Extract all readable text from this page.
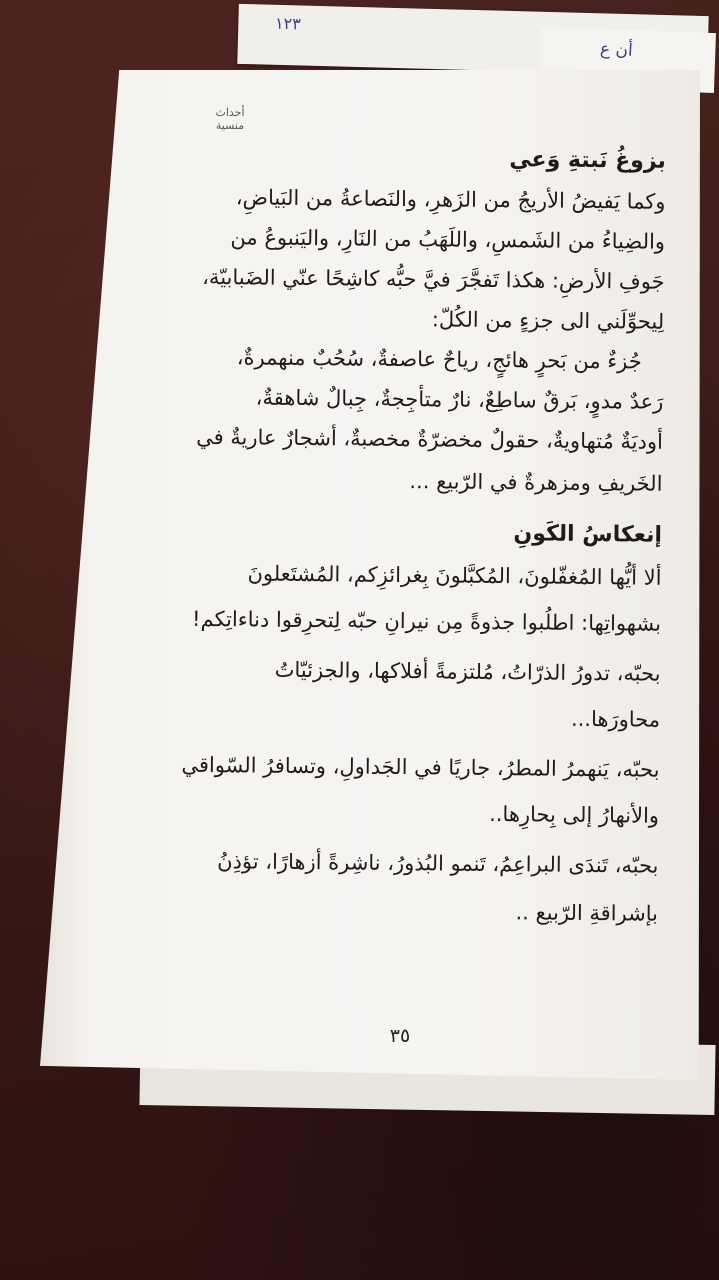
١٢٣
أن ع
أحداث منسية
بزوغُ نَبتةِ وَعي
وكما يَفيضُ الأريجُ من الزَهرِ، والنَصاعةُ من البَياضِ،
والضِياءُ من الشَمسِ، واللَهَبُ من النَارِ، واليَنبوعُ من
جَوفِ الأرضِ: هكذا تَفجَّرَ فيَّ حبُّه كاشِحًا عنّي الضَبابيّة،
لِيحوِّلَني الى جزءٍ من الكُلّ:
جُزءٌ من بَحرٍ هائجٍ، رياحٌ عاصفةٌ، سُحُبٌ منهمرةٌ،
رَعدٌ مدوٍ، بَرقٌ ساطِعٌ، نارٌ متأجِجةٌ، جِبالٌ شاهقةٌ،
أوديَةٌ مُتهاويةٌ، حقولٌ مخضرّةٌ مخصبةٌ، أشجارٌ عاريةٌ في
الخَريفِ ومزهرةٌ في الرّبيع ...
إنعكاسُ الكَونِ
ألا أيُّها المُغفّلونَ، المُكبَّلونَ بِغرائزِكم، المُشتَعلونَ
بشهواتِها: اطلُبوا جذوةً مِن نيرانِ حبّه لِتحرِقوا دناءاتِكم!
بحبّه، تدورُ الذرّاتُ، مُلتزمةً أفلاكها، والجزئيّاتُ
محاورَها...
بحبّه، يَنهمرُ المطرُ، جاريًا في الجَداولِ، وتسافرُ السّواقي
والأنهارُ إلى بِحارِها..
بحبّه، تَندَى البراعِمُ، تَنمو البُذورُ، ناشِرةً أزهارًا، تؤذِنُ
بإشراقةِ الرّبيع ..
٣٥
